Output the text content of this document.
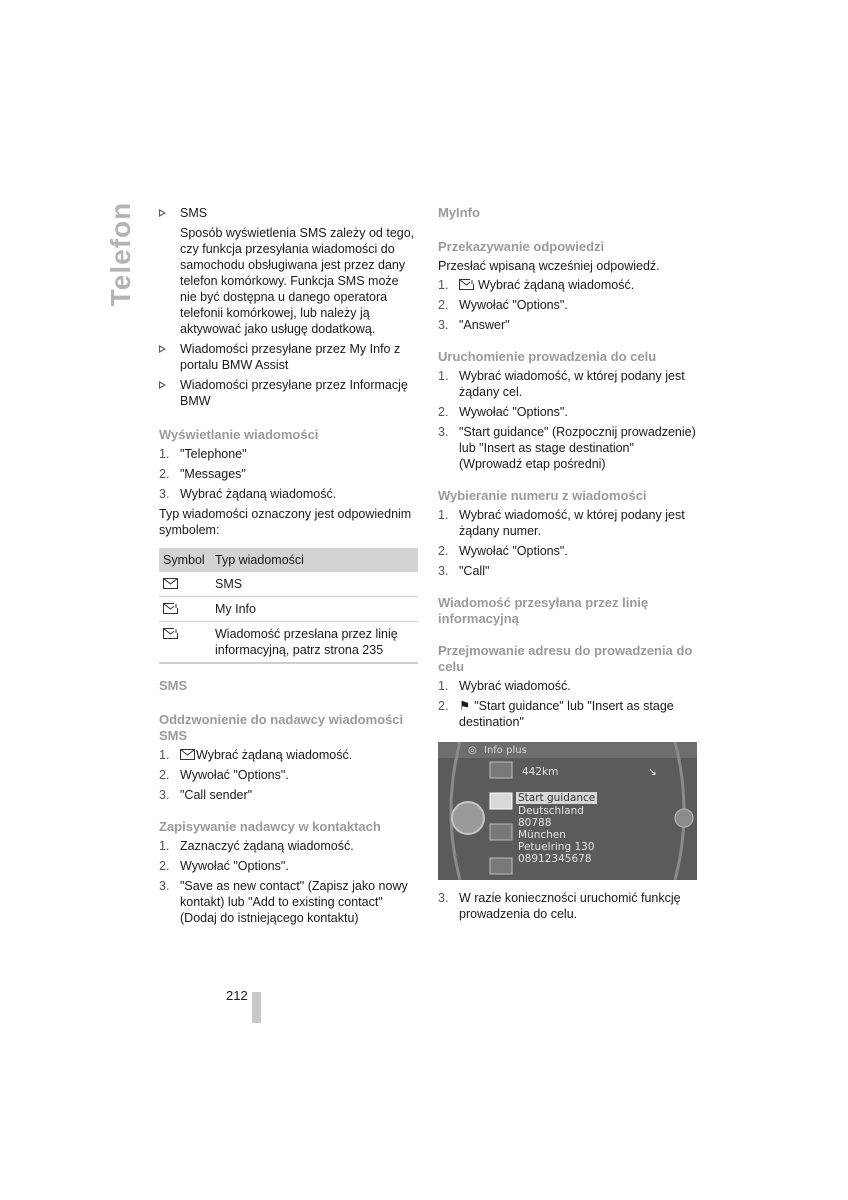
Telefon	SMS

Sposób wyświetlenia SMS zależy od tego, czy funkcja przesyłania wiadomości do samochodu obsługiwana jest przez dany telefon komórkowy. Funkcja SMS może nie być dostępna u danego operatora telefonii komórkowej, lub należy ją aktywować jako usługę dodatkową.

Wiadomości przesyłane przez My Info z portalu BMW Assist
Wiadomości przesyłane przez Informację BMW

Wyświetlanie wiadomości

1. "Telephone"
2. "Messages"
3. Wybrać żądaną wiadomość.

Typ wiadomości oznaczony jest odpowiednim symbolem:

Symbol	Typ wiadomości
	SMS
	My Info
	Wiadomość przesłana przez linię informacyjną, patrz strona 235

SMS

Oddzwonienie do nadawcy wiadomości SMS

1. Wybrać żądaną wiadomość.
2. Wywołać "Options".
3. "Call sender"

Zapisywanie nadawcy w kontaktach

1. Zaznaczyć żądaną wiadomość.
2. Wywołać "Options".
3. "Save as new contact" (Zapisz jako nowy kontakt) lub "Add to existing contact" (Dodaj do istniejącego kontaktu)

MyInfo

Przekazywanie odpowiedzi

Przesłać wpisaną wcześniej odpowiedź.

1. Wybrać żądaną wiadomość.
2. Wywołać "Options".
3. "Answer"

Uruchomienie prowadzenia do celu

1. Wybrać wiadomość, w której podany jest żądany cel.
2. Wywołać "Options".
3. "Start guidance" (Rozpocznij prowadzenie) lub "Insert as stage destination" (Wprowadź etap pośredni)

Wybieranie numeru z wiadomości

1. Wybrać wiadomość, w której podany jest żądany numer.
2. Wywołać "Options".
3. "Call"

Wiadomość przesyłana przez linię informacyjną

Przejmowanie adresu do prowadzenia do celu

1. Wybrać wiadomość.
2. ⚑ "Start guidance" lub "Insert as stage destination"
◎ Info plus
442km	↘
Start guidance
Deutschland
80788
München
Petuelring 130
08912345678
3. W razie konieczności uruchomić funkcję prowadzenia do celu.
212
